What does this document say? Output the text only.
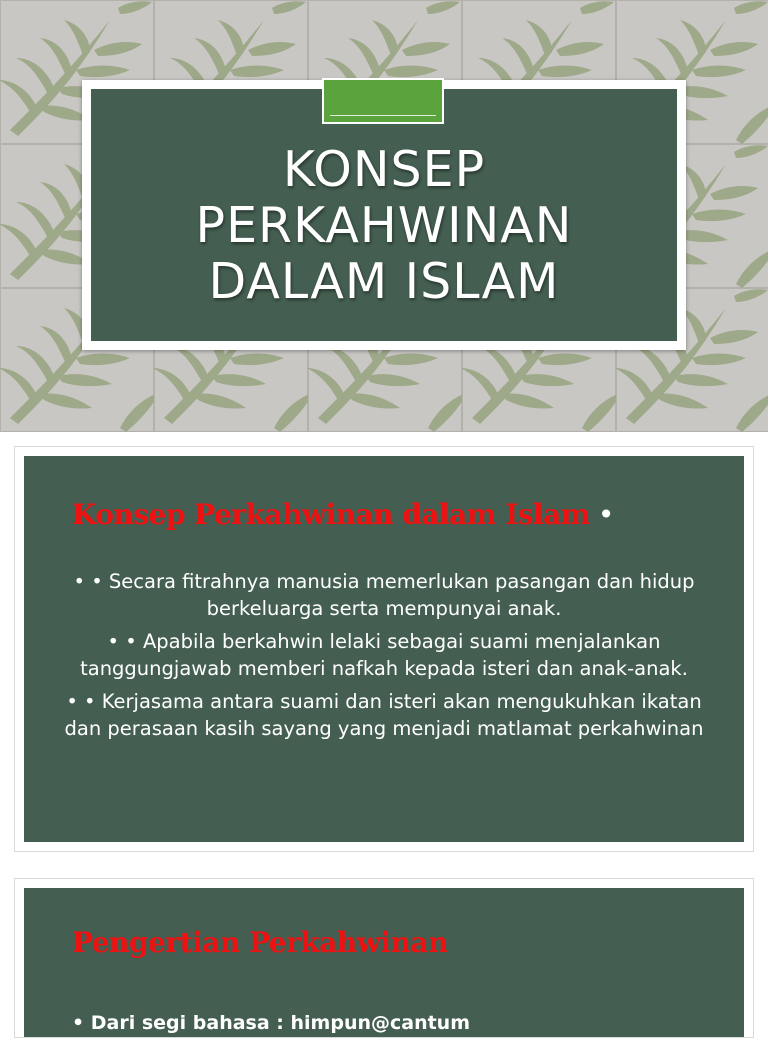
KONSEP
PERKAHWINAN
DALAM ISLAM
Konsep Perkahwinan dalam Islam •

• • Secara fitrahnya manusia memerlukan pasangan dan hidup berkeluarga serta mempunyai anak.

• • Apabila berkahwin lelaki sebagai suami menjalankan tanggungjawab memberi nafkah kepada isteri dan anak-anak.

• • Kerjasama antara suami dan isteri akan mengukuhkan ikatan dan perasaan kasih sayang yang menjadi matlamat perkahwinan

Pengertian Perkahwinan
• Dari segi bahasa : himpun@cantum
